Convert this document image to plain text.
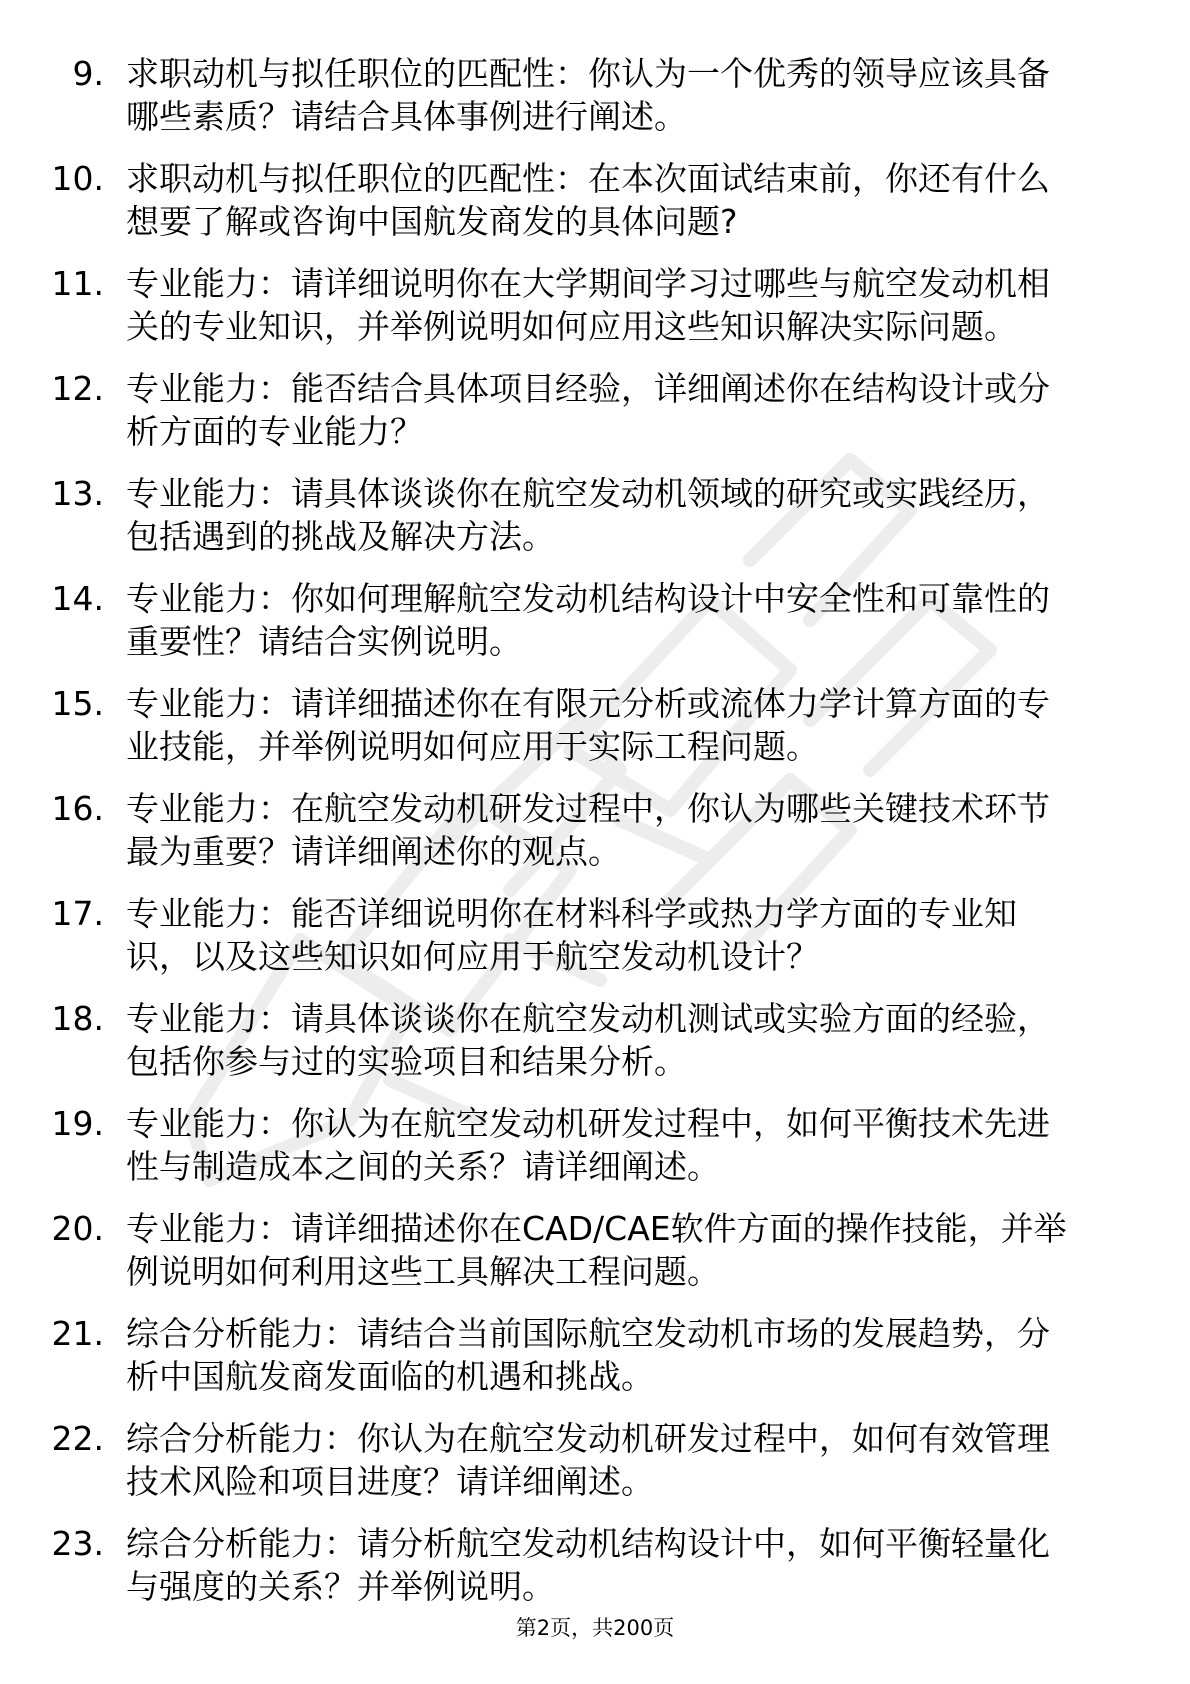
9. 求职动机与拟任职位的匹配性：你认为一个优秀的领导应该具备
哪些素质？请结合具体事例进行阐述。
10. 求职动机与拟任职位的匹配性：在本次面试结束前，你还有什么
想要了解或咨询中国航发商发的具体问题?
11. 专业能力：请详细说明你在大学期间学习过哪些与航空发动机相
关的专业知识，并举例说明如何应用这些知识解决实际问题。
12. 专业能力：能否结合具体项目经验，详细阐述你在结构设计或分
析方面的专业能力？
13. 专业能力：请具体谈谈你在航空发动机领域的研究或实践经历，
包括遇到的挑战及解决方法。
14. 专业能力：你如何理解航空发动机结构设计中安全性和可靠性的
重要性？请结合实例说明。
15. 专业能力：请详细描述你在有限元分析或流体力学计算方面的专
业技能，并举例说明如何应用于实际工程问题。
16. 专业能力：在航空发动机研发过程中，你认为哪些关键技术环节
最为重要？请详细阐述你的观点。
17. 专业能力：能否详细说明你在材料科学或热力学方面的专业知
识，以及这些知识如何应用于航空发动机设计？
18. 专业能力：请具体谈谈你在航空发动机测试或实验方面的经验，
包括你参与过的实验项目和结果分析。
19. 专业能力：你认为在航空发动机研发过程中，如何平衡技术先进
性与制造成本之间的关系？请详细阐述。
20. 专业能力：请详细描述你在CAD/CAE软件方面的操作技能，并举
例说明如何利用这些工具解决工程问题。
21. 综合分析能力：请结合当前国际航空发动机市场的发展趋势，分
析中国航发商发面临的机遇和挑战。
22. 综合分析能力：你认为在航空发动机研发过程中，如何有效管理
技术风险和项目进度？请详细阐述。
23. 综合分析能力：请分析航空发动机结构设计中，如何平衡轻量化
与强度的关系？并举例说明。
第2页，共200页
